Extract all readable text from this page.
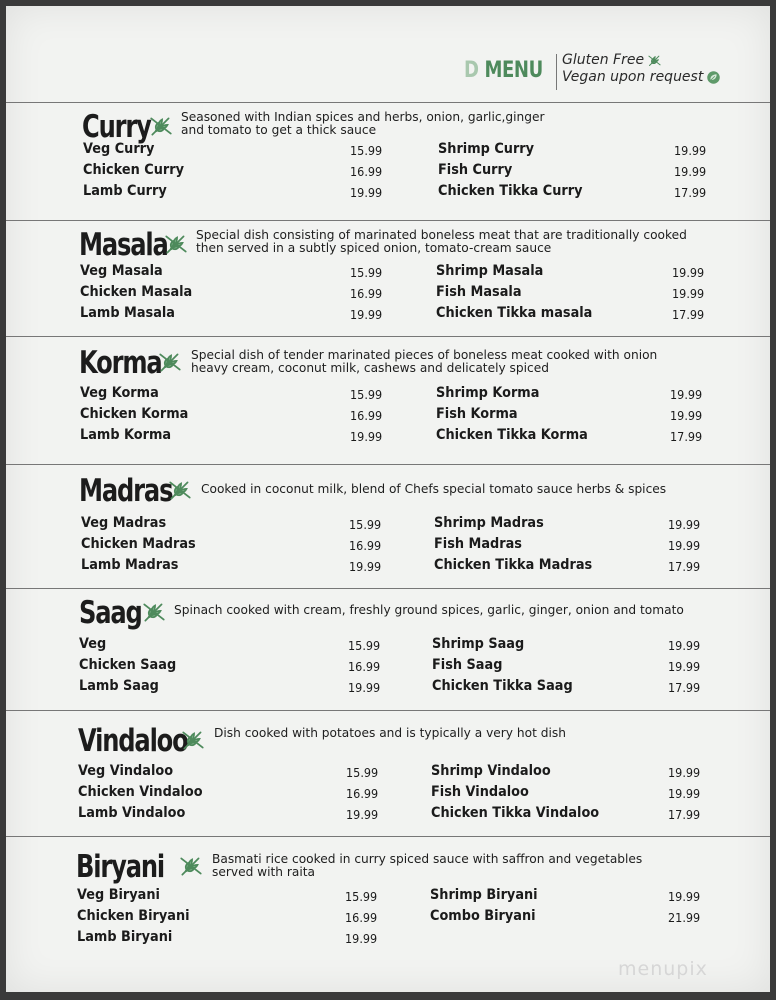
D MENU Gluten Free
Vegan upon request
Curry Seasoned with Indian spices and herbs, onion, garlic,ginger
and tomato to get a thick sauce
Veg Curry	15.99
Chicken Curry	16.99
Lamb Curry	19.99
Shrimp Curry	19.99
Fish Curry	19.99
Chicken Tikka Curry	17.99
Masala Special dish consisting of marinated boneless meat that are traditionally cooked
then served in a subtly spiced onion, tomato-cream sauce
Veg Masala	15.99
Chicken Masala	16.99
Lamb Masala	19.99
Shrimp Masala	19.99
Fish Masala	19.99
Chicken Tikka masala	17.99
Korma Special dish of tender marinated pieces of boneless meat cooked with onion
heavy cream, coconut milk, cashews and delicately spiced
Veg Korma	15.99
Chicken Korma	16.99
Lamb Korma	19.99
Shrimp Korma	19.99
Fish Korma	19.99
Chicken Tikka Korma	17.99
Madras Cooked in coconut milk, blend of Chefs special tomato sauce herbs & spices
Veg Madras	15.99
Chicken Madras	16.99
Lamb Madras	19.99
Shrimp Madras	19.99
Fish Madras	19.99
Chicken Tikka Madras	17.99
Saag	Spinach cooked with cream, freshly ground spices, garlic, ginger, onion and tomato
Veg	15.99
Chicken Saag	16.99
Lamb Saag	19.99
Shrimp Saag	19.99
Fish Saag	19.99
Chicken Tikka Saag	17.99
Vindaloo Dish cooked with potatoes and is typically a very hot dish
Veg Vindaloo	15.99
Chicken Vindaloo	16.99
Lamb Vindaloo	19.99
Shrimp Vindaloo	19.99
Fish Vindaloo	19.99
Chicken Tikka Vindaloo	17.99
Biryani	Basmati rice cooked in curry spiced sauce with saffron and vegetables
served with raita
Veg Biryani	15.99
Chicken Biryani	16.99
Lamb Biryani	19.99
Shrimp Biryani	19.99
Combo Biryani	21.99
menupix
